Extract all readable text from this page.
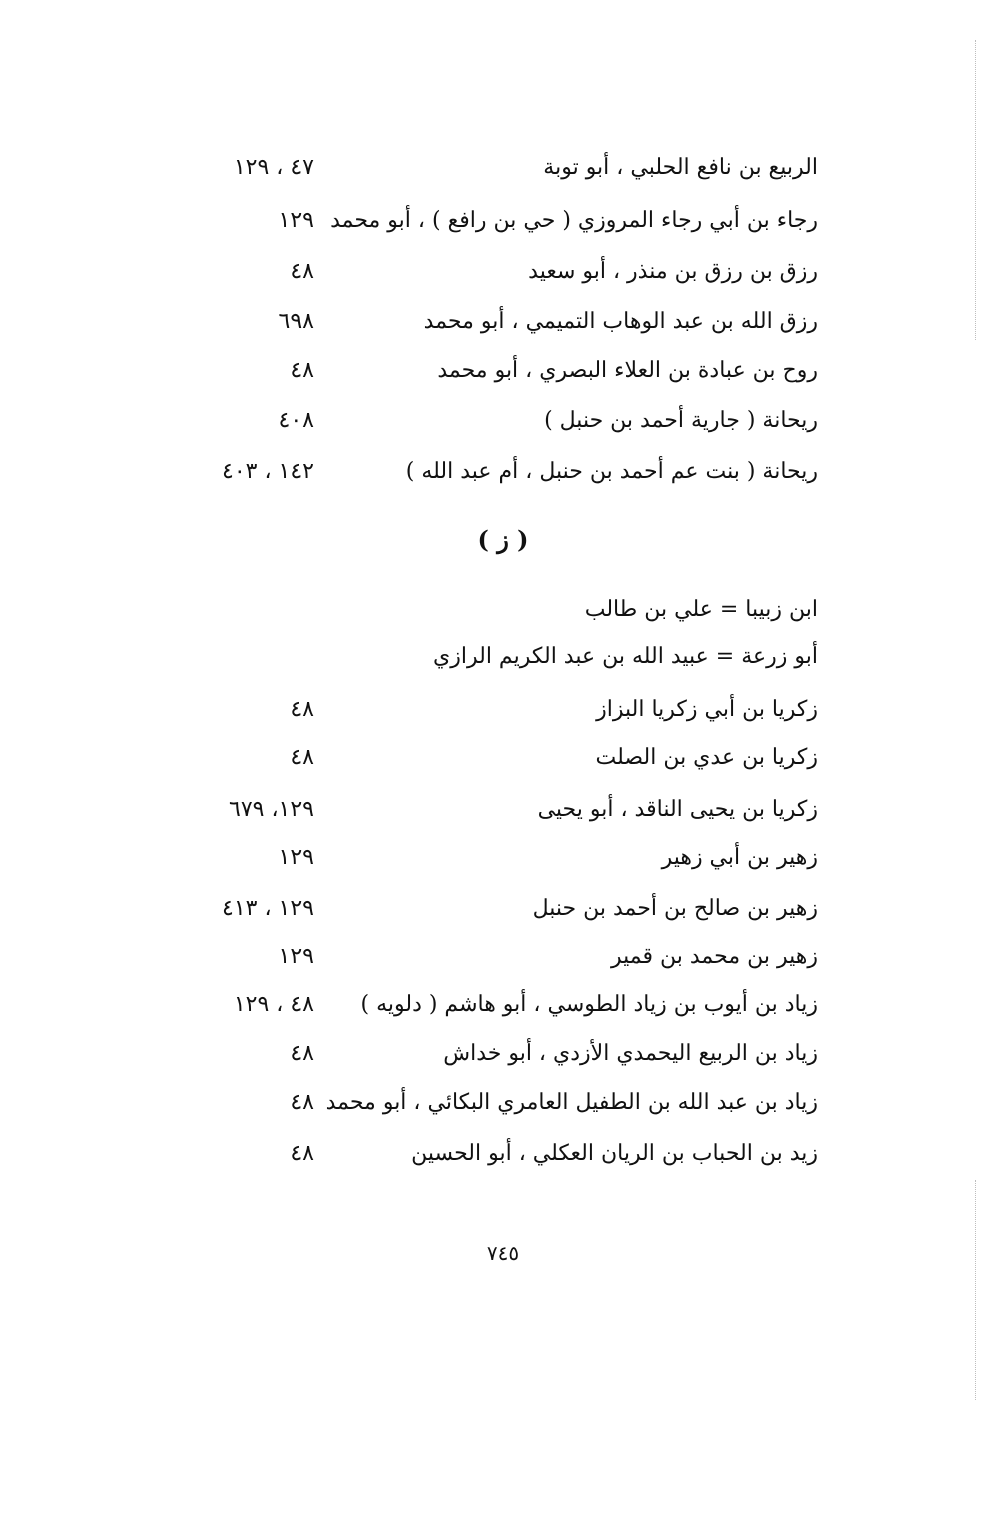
الربيع بن نافع الحلبي ، أبو توبة
٤٧ ، ١٢٩
رجاء بن أبي رجاء المروزي ( حي بن رافع ) ، أبو محمد
١٢٩
رزق بن رزق بن منذر ، أبو سعيد
٤٨
رزق الله بن عبد الوهاب التميمي ، أبو محمد
٦٩٨
روح بن عبادة بن العلاء البصري ، أبو محمد
٤٨
ريحانة ( جارية أحمد بن حنبل )
٤٠٨
ريحانة ( بنت عم أحمد بن حنبل ، أم عبد الله )
١٤٢ ، ٤٠٣
( ز )
ابن زبيبا = علي بن طالب
أبو زرعة = عبيد الله بن عبد الكريم الرازي
زكريا بن أبي زكريا البزاز
٤٨
زكريا بن عدي بن الصلت
٤٨
زكريا بن يحيى الناقد ، أبو يحيى
١٢٩، ٦٧٩
زهير بن أبي زهير
١٢٩
زهير بن صالح بن أحمد بن حنبل
١٢٩ ، ٤١٣
زهير بن محمد بن قمير
١٢٩
زياد بن أيوب بن زياد الطوسي ، أبو هاشم ( دلويه )
٤٨ ، ١٢٩
زياد بن الربيع اليحمدي الأزدي ، أبو خداش
٤٨
زياد بن عبد الله بن الطفيل العامري البكائي ، أبو محمد
٤٨
زيد بن الحباب بن الريان العكلي ، أبو الحسين
٤٨
٧٤٥
